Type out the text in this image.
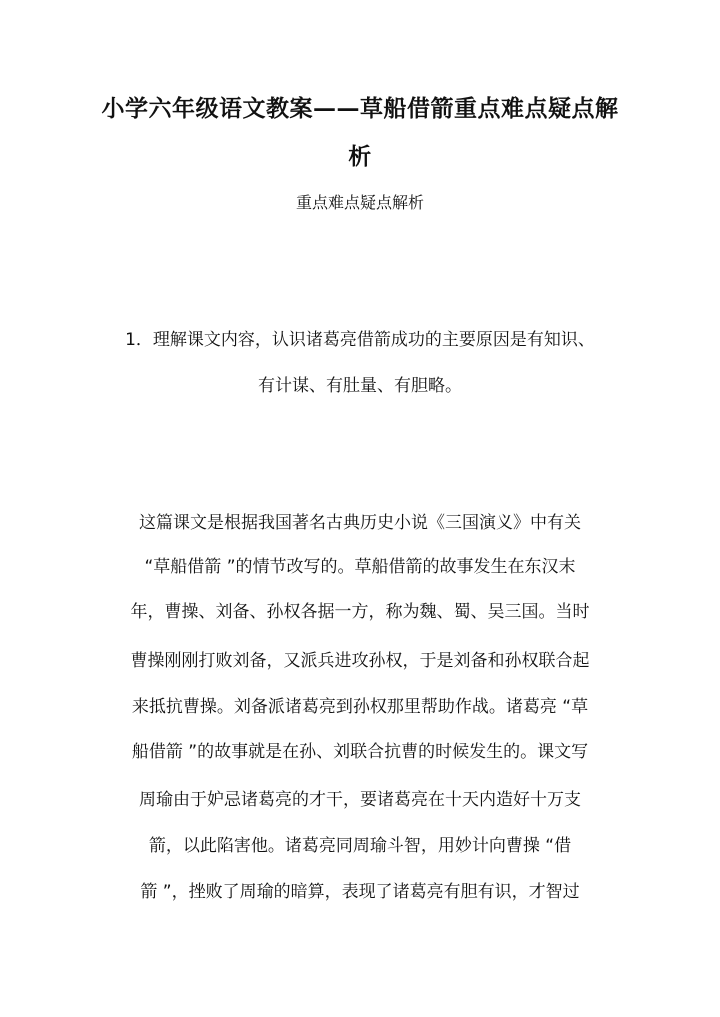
小学六年级语文教案——草船借箭重点难点疑点解
析
重点难点疑点解析
1．理解课文内容，认识诸葛亮借箭成功的主要原因是有知识、
有计谋、有肚量、有胆略。
这篇课文是根据我国著名古典历史小说《三国演义》中有关
“草船借箭 ”的情节改写的。草船借箭的故事发生在东汉末
年，曹操、刘备、孙权各据一方，称为魏、蜀、吴三国。当时
曹操刚刚打败刘备，又派兵进攻孙权，于是刘备和孙权联合起
来抵抗曹操。刘备派诸葛亮到孙权那里帮助作战。诸葛亮 “草
船借箭 ”的故事就是在孙、刘联合抗曹的时候发生的。课文写
周瑜由于妒忌诸葛亮的才干，要诸葛亮在十天内造好十万支
箭，以此陷害他。诸葛亮同周瑜斗智，用妙计向曹操 “借
箭 ”，挫败了周瑜的暗算，表现了诸葛亮有胆有识，才智过
